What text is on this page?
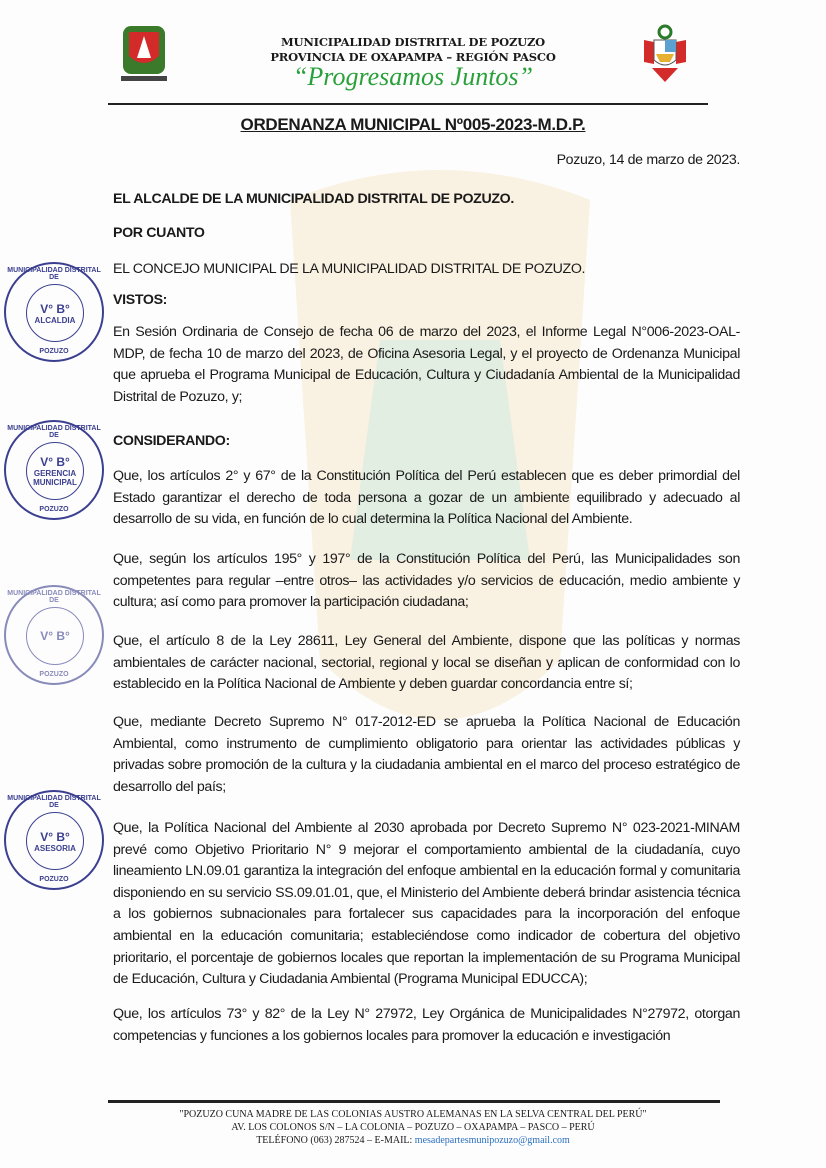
MUNICIPALIDAD DISTRITAL DE POZUZO
PROVINCIA DE OXAPAMPA – REGIÓN PASCO
“Progresamos Juntos”
ORDENANZA MUNICIPAL Nº005-2023-M.D.P.
Pozuzo, 14 de marzo de 2023.
EL ALCALDE DE LA MUNICIPALIDAD DISTRITAL DE POZUZO.
POR CUANTO
EL CONCEJO MUNICIPAL DE LA MUNICIPALIDAD DISTRITAL DE POZUZO.
VISTOS:
En Sesión Ordinaria de Consejo de fecha 06 de marzo del 2023, el Informe Legal N°006-2023-OAL-MDP, de fecha 10 de marzo del 2023, de Oficina Asesoria Legal, y el proyecto de Ordenanza Municipal que aprueba el Programa Municipal de Educación, Cultura y Ciudadanía Ambiental de la Municipalidad Distrital de Pozuzo, y;
CONSIDERANDO:
Que, los artículos 2° y 67° de la Constitución Política del Perú establecen que es deber primordial del Estado garantizar el derecho de toda persona a gozar de un ambiente equilibrado y adecuado al desarrollo de su vida, en función de lo cual determina la Política Nacional del Ambiente.
Que, según los artículos 195° y 197° de la Constitución Política del Perú, las Municipalidades son competentes para regular –entre otros– las actividades y/o servicios de educación, medio ambiente y cultura; así como para promover la participación ciudadana;
Que, el artículo 8 de la Ley 28611, Ley General del Ambiente, dispone que las políticas y normas ambientales de carácter nacional, sectorial, regional y local se diseñan y aplican de conformidad con lo establecido en la Política Nacional de Ambiente y deben guardar concordancia entre sí;
Que, mediante Decreto Supremo N° 017-2012-ED se aprueba la Política Nacional de Educación Ambiental, como instrumento de cumplimiento obligatorio para orientar las actividades públicas y privadas sobre promoción de la cultura y la ciudadania ambiental en el marco del proceso estratégico de desarrollo del país;
Que, la Política Nacional del Ambiente al 2030 aprobada por Decreto Supremo N° 023-2021-MINAM prevé como Objetivo Prioritario N° 9 mejorar el comportamiento ambiental de la ciudadanía, cuyo lineamiento LN.09.01 garantiza la integración del enfoque ambiental en la educación formal y comunitaria disponiendo en su servicio SS.09.01.01, que, el Ministerio del Ambiente deberá brindar asistencia técnica a los gobiernos subnacionales para fortalecer sus capacidades para la incorporación del enfoque ambiental en la educación comunitaria; estableciéndose como indicador de cobertura del objetivo prioritario, el porcentaje de gobiernos locales que reportan la implementación de su Programa Municipal de Educación, Cultura y Ciudadania Ambiental (Programa Municipal EDUCCA);
Que, los artículos 73° y 82° de la Ley N° 27972, Ley Orgánica de Municipalidades N°27972, otorgan competencias y funciones a los gobiernos locales para promover la educación e investigación
MUNICIPALIDAD DISTRITAL DE
V° B°
ALCALDIA
POZUZO
MUNICIPALIDAD DISTRITAL DE
V° B°
GERENCIA MUNICIPAL
POZUZO
MUNICIPALIDAD DISTRITAL DE
V° B°
POZUZO
MUNICIPALIDAD DISTRITAL DE
V° B°
ASESORIA
POZUZO
"POZUZO CUNA MADRE DE LAS COLONIAS AUSTRO ALEMANAS EN LA SELVA CENTRAL DEL PERÚ"
AV. LOS COLONOS S/N – LA COLONIA – POZUZO – OXAPAMPA – PASCO – PERÚ
TELÉFONO (063) 287524 – E-MAIL: mesadepartesmunipozuzo@gmail.com
